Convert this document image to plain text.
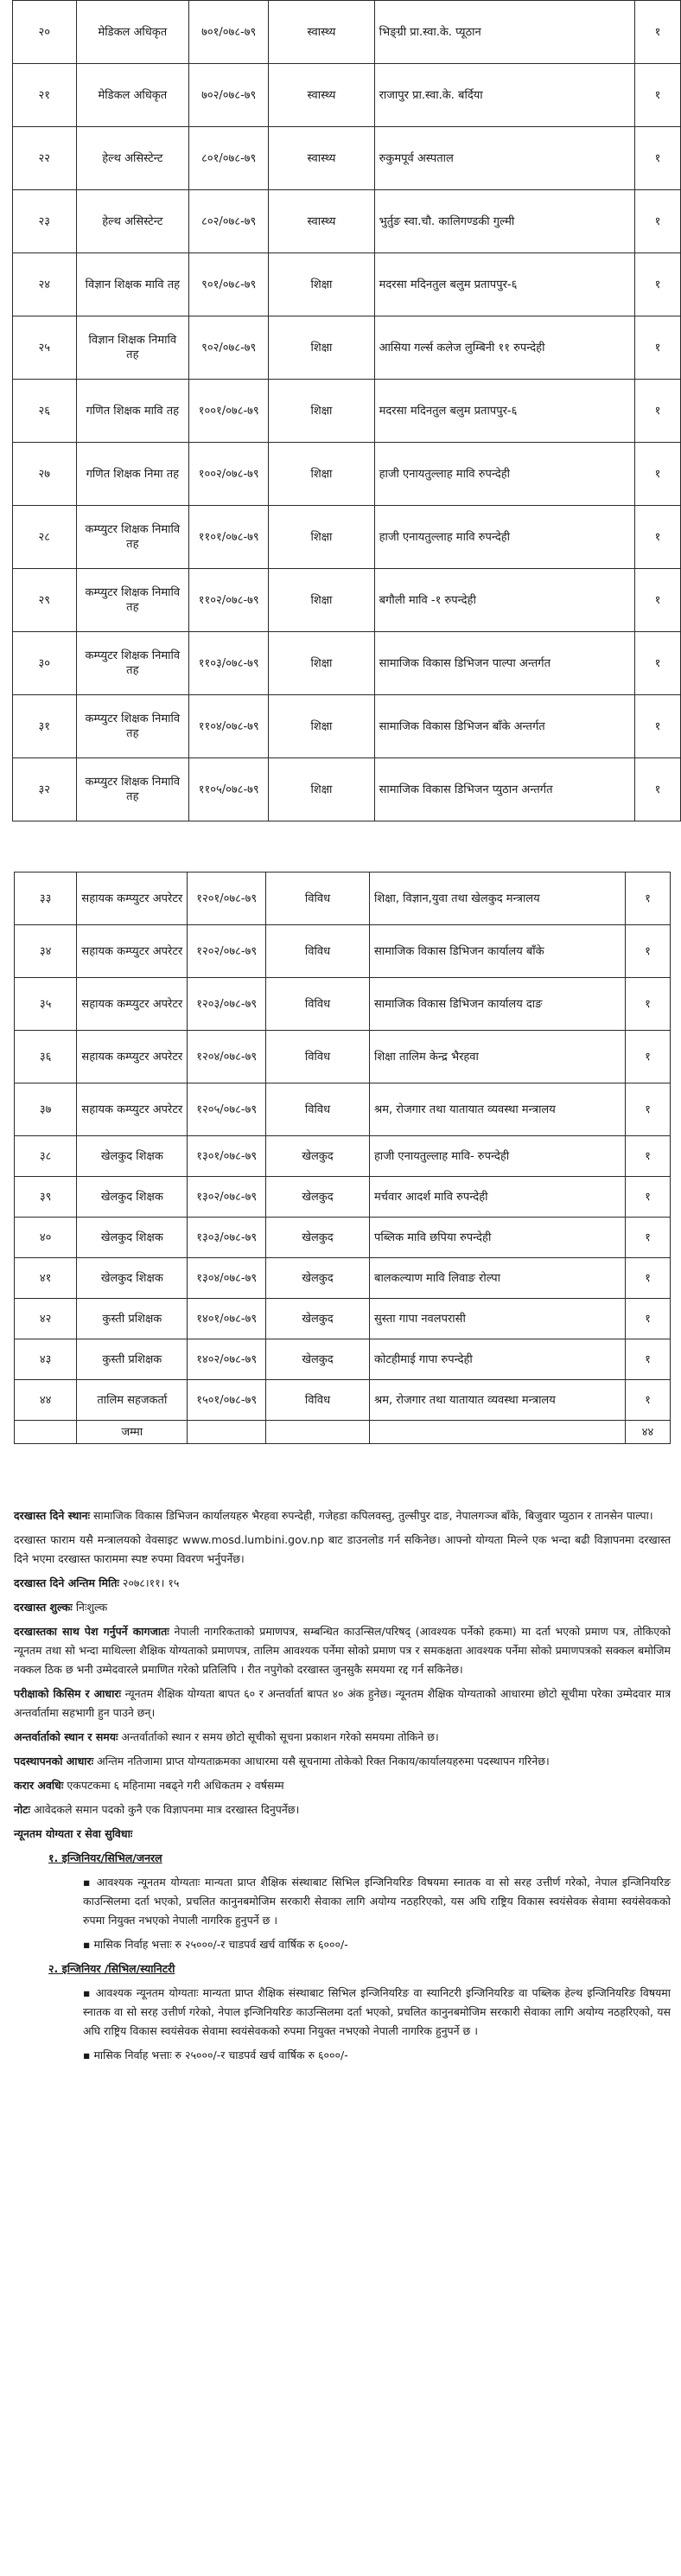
२०	मेडिकल अधिकृत	७०१/०७८-७९	स्वास्थ्य	भिङ्ग्री प्रा.स्वा.के. प्यूठान	१
२१	मेडिकल अधिकृत	७०२/०७८-७९	स्वास्थ्य	राजापुर प्रा.स्वा.के. बर्दिया	१
२२	हेल्थ असिस्टेन्ट	८०१/०७८-७९	स्वास्थ्य	रुकुमपूर्व अस्पताल	१
२३	हेल्थ असिस्टेन्ट	८०२/०७८-७९	स्वास्थ्य	भुर्तुङ स्वा.चौ. कालिगण्डकी गुल्मी	१
२४	विज्ञान शिक्षक मावि तह	९०१/०७८-७९	शिक्षा	मदरसा मदिनतुल बलुम प्रतापपुर-६	१
२५	विज्ञान शिक्षक निमावि तह	९०२/०७८-७९	शिक्षा	आसिया गर्ल्स कलेज लुम्बिनी ११ रुपन्देही	१
२६	गणित शिक्षक मावि तह	१००१/०७८-७९	शिक्षा	मदरसा मदिनतुल बलुम प्रतापपुर-६	१
२७	गणित शिक्षक निमा तह	१००२/०७८-७९	शिक्षा	हाजी एनायतुल्लाह मावि रुपन्देही	१
२८	कम्प्युटर शिक्षक निमावि तह	११०१/०७८-७९	शिक्षा	हाजी एनायतुल्लाह मावि रुपन्देही	१
२९	कम्प्युटर शिक्षक निमावि तह	११०२/०७८-७९	शिक्षा	बगौली मावि -१ रुपन्देही	१
३०	कम्प्युटर शिक्षक निमावि तह	११०३/०७८-७९	शिक्षा	सामाजिक विकास डिभिजन पाल्पा अन्तर्गत	१
३१	कम्प्युटर शिक्षक निमावि तह	११०४/०७८-७९	शिक्षा	सामाजिक विकास डिभिजन बाँके अन्तर्गत	१
३२	कम्प्युटर शिक्षक निमावि तह	११०५/०७८-७९	शिक्षा	सामाजिक विकास डिभिजन प्युठान अन्तर्गत	१
३३	सहायक कम्प्युटर अपरेटर	१२०१/०७८-७९	विविध	शिक्षा, विज्ञान,युवा तथा खेलकुद मन्त्रालय	१
३४	सहायक कम्प्युटर अपरेटर	१२०२/०७८-७९	विविध	सामाजिक विकास डिभिजन कार्यालय बाँके	१
३५	सहायक कम्प्युटर अपरेटर	१२०३/०७८-७९	विविध	सामाजिक विकास डिभिजन कार्यालय दाङ	१
३६	सहायक कम्प्युटर अपरेटर	१२०४/०७८-७९	विविध	शिक्षा तालिम केन्द्र भैरहवा	१
३७	सहायक कम्प्युटर अपरेटर	१२०५/०७८-७९	विविध	श्रम, रोजगार तथा यातायात व्यवस्था मन्त्रालय	१
३८	खेलकुद शिक्षक	१३०१/०७८-७९	खेलकुद	हाजी एनायतुल्लाह मावि- रुपन्देही	१
३९	खेलकुद शिक्षक	१३०२/०७८-७९	खेलकुद	मर्चवार आदर्श मावि रुपन्देही	१
४०	खेलकुद शिक्षक	१३०३/०७८-७९	खेलकुद	पब्लिक मावि छपिया रुपन्देही	१
४१	खेलकुद शिक्षक	१३०४/०७८-७९	खेलकुद	बालकल्याण मावि लिवाङ रोल्पा	१
४२	कुस्ती प्रशिक्षक	१४०१/०७८-७९	खेलकुद	सुस्ता गापा नवलपरासी	१
४३	कुस्ती प्रशिक्षक	१४०२/०७८-७९	खेलकुद	कोटहीमाई गापा रुपन्देही	१
४४	तालिम सहजकर्ता	१५०१/०७८-७९	विविध	श्रम, रोजगार तथा यातायात व्यवस्था मन्त्रालय	१
	जम्मा				४४

दरखास्त दिने स्थानः सामाजिक विकास डिभिजन कार्यालयहरु भैरहवा रुपन्देही, गजेहडा कपिलवस्तु, तुल्सीपुर दाङ, नेपालगञ्ज बाँके, बिजुवार प्युठान र तानसेन पाल्पा।

दरखास्त फाराम यसै मन्त्रालयको वेवसाइट www.mosd.lumbini.gov.np बाट डाउनलोड गर्न सकिनेछ। आफ्नो योग्यता मिल्ने एक भन्दा बढी विज्ञापनमा दरखास्त दिने भएमा दरखास्त फाराममा स्पष्ट रुपमा विवरण भर्नुपर्नेछ।

दरखास्त दिने अन्तिम मितिः २०७८।११। १५

दरखास्त शुल्कः निःशुल्क

दरखास्तका साथ पेश गर्नुपर्ने कागजातः नेपाली नागरिकताको प्रमाणपत्र, सम्बन्धित काउन्सिल/परिषद् (आवश्यक पर्नेको हकमा) मा दर्ता भएको प्रमाण पत्र, तोकिएको न्यूनतम तथा सो भन्दा माथिल्ला शैक्षिक योग्यताको प्रमाणपत्र, तालिम आवश्यक पर्नेमा सोको प्रमाण पत्र र समकक्षता आवश्यक पर्नेमा सोको प्रमाणपत्रको सक्कल बमोजिम नक्कल ठिक छ भनी उम्मेदवारले प्रमाणित गरेको प्रतिलिपि । रीत नपुगेको दरखास्त जुनसुकै समयमा रद्द गर्न सकिनेछ।

परीक्षाको किसिम र आधारः न्यूनतम शैक्षिक योग्यता बापत ६० र अन्तर्वार्ता बापत ४० अंक हुनेछ। न्यूनतम शैक्षिक योग्यताको आधारमा छोटो सूचीमा परेका उम्मेदवार मात्र अन्तर्वार्तामा सहभागी हुन पाउने छन्।

अन्तर्वार्ताको स्थान र समयः अन्तर्वार्ताको स्थान र समय छोटो सूचीको सूचना प्रकाशन गरेको समयमा तोकिने छ।

पदस्थापनको आधारः अन्तिम नतिजामा प्राप्त योग्यताक्रमका आधारमा यसै सूचनामा तोकेको रिक्त निकाय/कार्यालयहरुमा पदस्थापन गरिनेछ।

करार अवधिः एकपटकमा ६ महिनामा नबढ्ने गरी अधिकतम २ वर्षसम्म

नोटः आवेदकले समान पदको कुनै एक विज्ञापनमा मात्र दरखास्त दिनुपर्नेछ।

न्यूनतम योग्यता र सेवा सुविधाः

१. इन्जिनियर/सिभिल/जनरल

▪ आवश्यक न्यूनतम योग्यताः मान्यता प्राप्त शैक्षिक संस्थाबाट सिभिल इन्जिनियरिङ विषयमा स्नातक वा सो सरह उत्तीर्ण गरेको, नेपाल इन्जिनियरिङ काउन्सिलमा दर्ता भएको, प्रचलित कानुनबमोजिम सरकारी सेवाका लागि अयोग्य नठहरिएको, यस अघि राष्ट्रिय विकास स्वयंसेवक सेवामा स्वयंसेवकको रुपमा नियुक्त नभएको नेपाली नागरिक हुनुपर्ने छ ।

▪ मासिक निर्वाह भत्ताः रु २५०००/-र चाडपर्व खर्च वार्षिक रु ६०००/-

२. इन्जिनियर /सिभिल/स्यानिटरी

▪ आवश्यक न्यूनतम योग्यताः मान्यता प्राप्त शैक्षिक संस्थाबाट सिभिल इन्जिनियरिङ वा स्यानिटरी इन्जिनियरिङ वा पब्लिक हेल्थ इन्जिनियरिङ विषयमा स्नातक वा सो सरह उत्तीर्ण गरेको, नेपाल इन्जिनियरिङ काउन्सिलमा दर्ता भएको, प्रचलित कानुनबमोजिम सरकारी सेवाका लागि अयोग्य नठहरिएको, यस अघि राष्ट्रिय विकास स्वयंसेवक सेवामा स्वयंसेवकको रुपमा नियुक्त नभएको नेपाली नागरिक हुनुपर्ने छ ।

▪ मासिक निर्वाह भत्ताः रु २५०००/-र चाडपर्व खर्च वार्षिक रु ६०००/-
